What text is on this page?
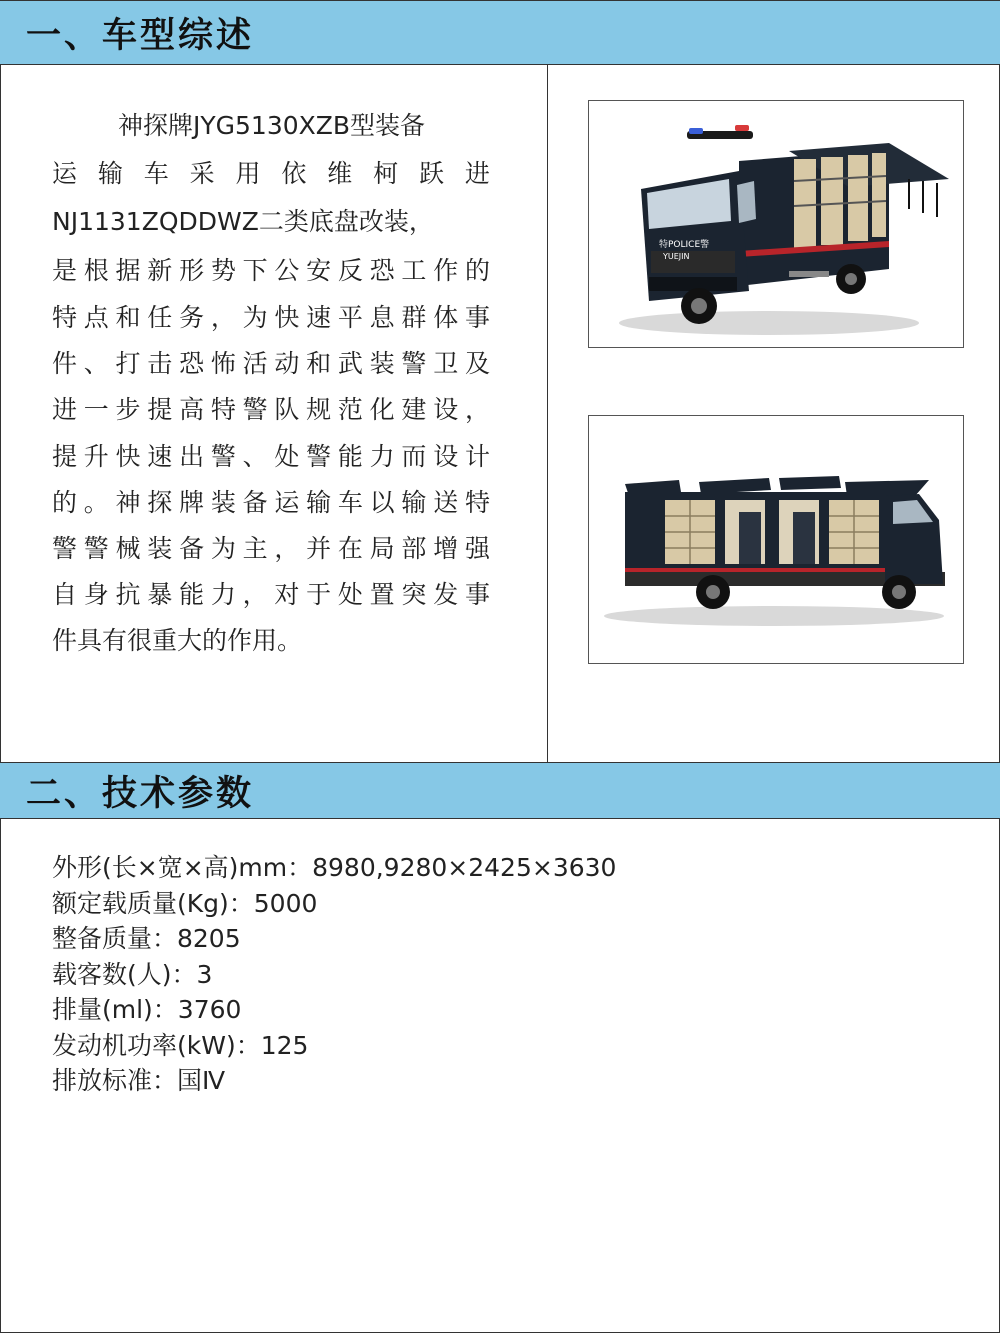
一、车型综述
神探牌JYG5130XZB型装备
运 输 车 采 用 依 维 柯 跃 进
NJ1131ZQDDWZ二类底盘改装，
是 根 据 新 形 势 下 公 安 反 恐 工 作 的
特 点 和 任 务 ， 为 快 速 平 息 群 体 事
件 、 打 击 恐 怖 活 动 和 武 装 警 卫 及
进 一 步 提 高 特 警 队 规 范 化 建 设 ，
提 升 快 速 出 警 、 处 警 能 力 而 设 计
的 。 神 探 牌 装 备 运 输 车 以 输 送 特
警 警 械 装 备 为 主 ， 并 在 局 部 增 强
自 身 抗 暴 能 力 ， 对 于 处 置 突 发 事
件具有很重大的作用。
特POLICE警
YUEJIN
二、技术参数
外形(长×宽×高)mm：8980,9280×2425×3630
额定载质量(Kg)：5000
整备质量：8205
载客数(人)：3
排量(ml)：3760
发动机功率(kW)：125
排放标准：国Ⅳ
